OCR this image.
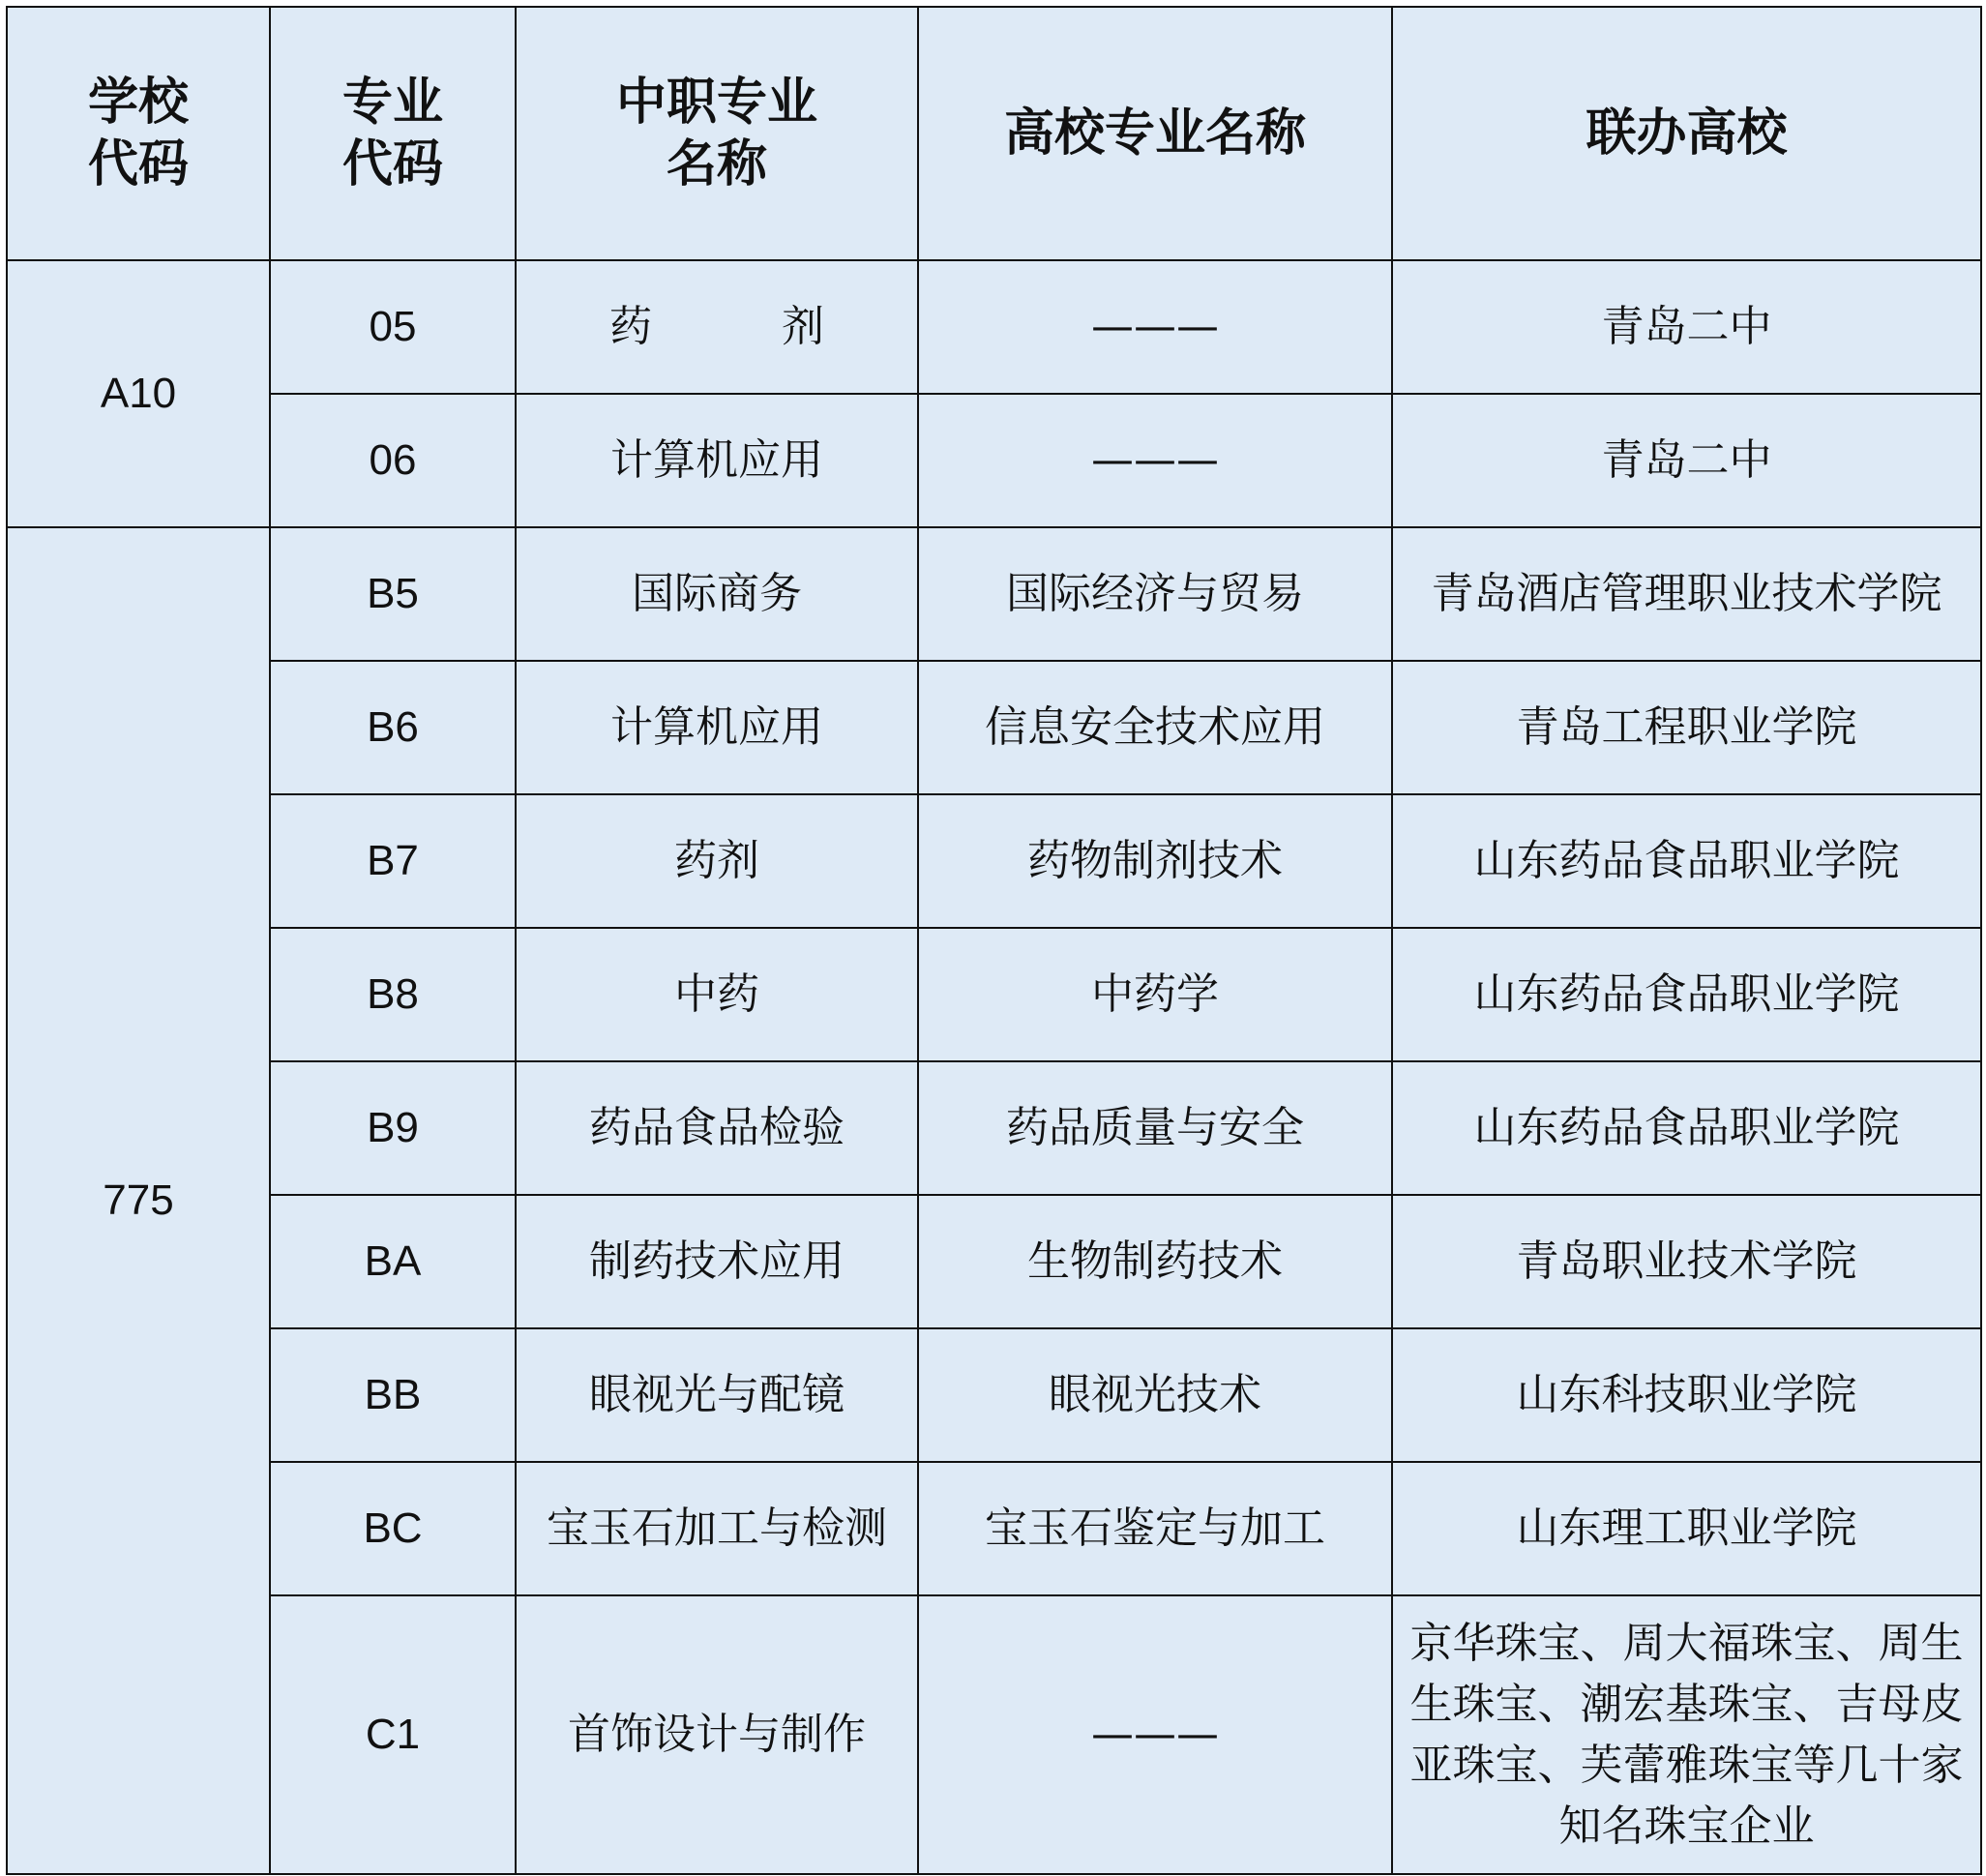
学校代码	专业代码	中职专业名称	高校专业名称	联办高校
A10	05	药 剂	———	青岛二中
	06	计算机应用	———	青岛二中
775	B5	国际商务	国际经济与贸易	青岛酒店管理职业技术学院

	B6	计算机应用	信息安全技术应用	青岛工程职业学院
	B7	药剂	药物制剂技术	山东药品食品职业学院
	B8	中药	中药学	山东药品食品职业学院
	B9	药品食品检验	药品质量与安全	山东药品食品职业学院
	BA	制药技术应用	生物制药技术	青岛职业技术学院
	BB	眼视光与配镜	眼视光技术	山东科技职业学院
	BC	宝玉石加工与检测	宝玉石鉴定与加工	山东理工职业学院
	C1	首饰设计与制作	———	京华珠宝、周大福珠宝、周生生珠宝、潮宏基珠宝、吉母皮亚珠宝、芙蕾雅珠宝等几十家知名珠宝企业
